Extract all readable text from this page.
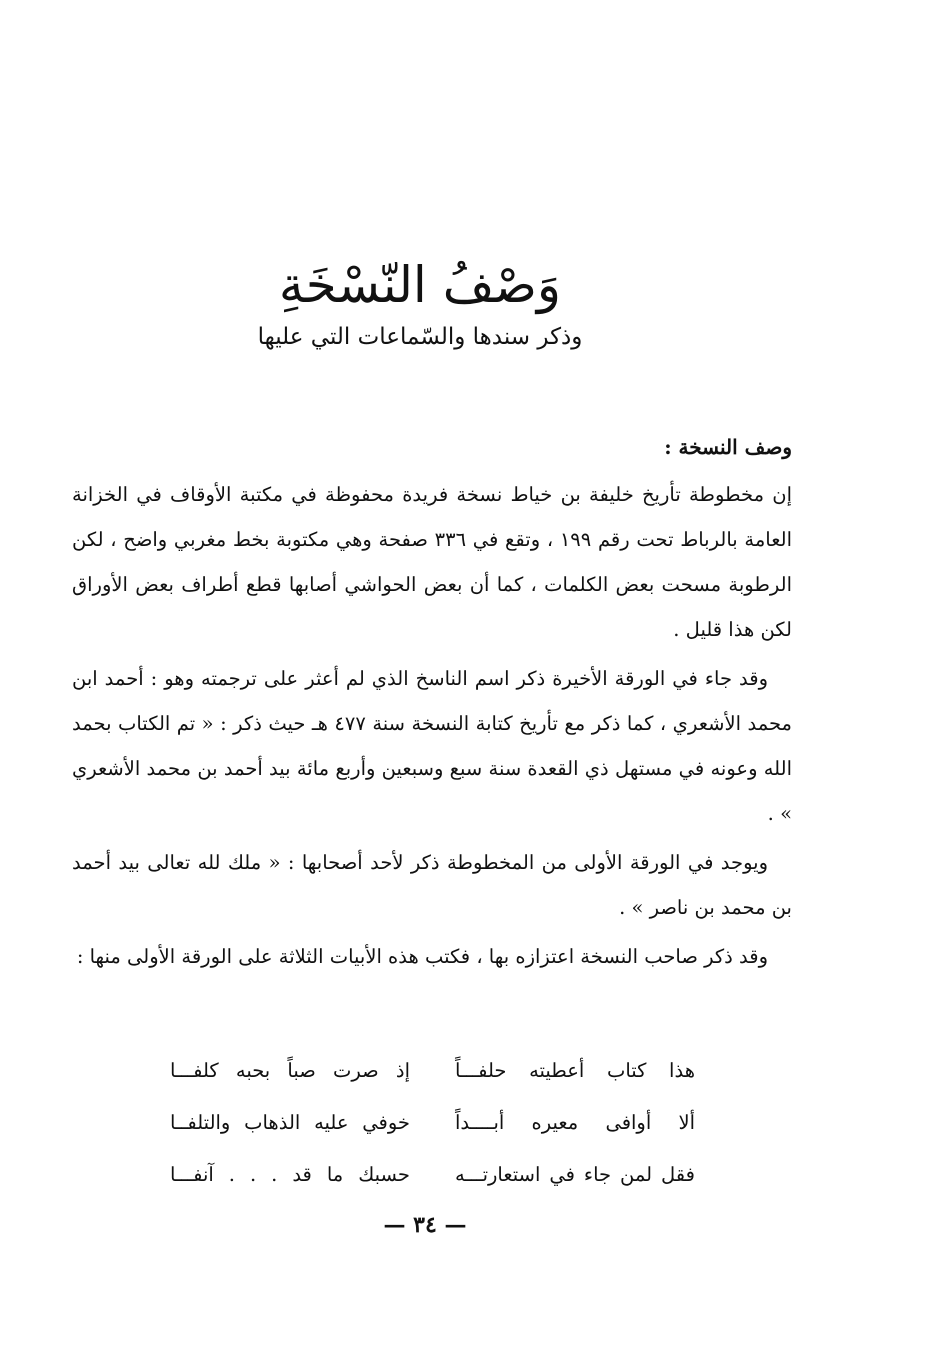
وَصْفُ النّسْخَةِ
وذكر سندها والسّماعات التي عليها

وصف النسخة :

إن مخطوطة تأريخ خليفة بن خياط نسخة فريدة محفوظة في مكتبة الأوقاف في الخزانة العامة بالرباط تحت رقم ١٩٩ ، وتقع في ٣٣٦ صفحة وهي مكتوبة بخط مغربي واضح ، لكن الرطوبة مسحت بعض الكلمات ، كما أن بعض الحواشي أصابها قطع أطراف بعض الأوراق لكن هذا قليل .

وقد جاء في الورقة الأخيرة ذكر اسم الناسخ الذي لم أعثر على ترجمته وهو : أحمد ابن محمد الأشعري ، كما ذكر مع تأريخ كتابة النسخة سنة ٤٧٧ هـ حيث ذكر : « تم الكتاب بحمد الله وعونه في مستهل ذي القعدة سنة سبع وسبعين وأربع مائة بيد أحمد بن محمد الأشعري » .

ويوجد في الورقة الأولى من المخطوطة ذكر لأحد أصحابها : « ملك لله تعالى بيد أحمد بن محمد بن ناصر » .

وقد ذكر صاحب النسخة اعتزازه بها ، فكتب هذه الأبيات الثلاثة على الورقة الأولى منها :

هذا كتاب أعطيته حلفـــاً
إذ صرت صباً بحبه كلفـــا
ألا أوافى معيره أبــــداً
خوفي عليه الذهاب والتلفــا
فقل لمن جاء في استعارتـــه
حسبك ما قد . . . آنفـــا
— ٣٤ —
